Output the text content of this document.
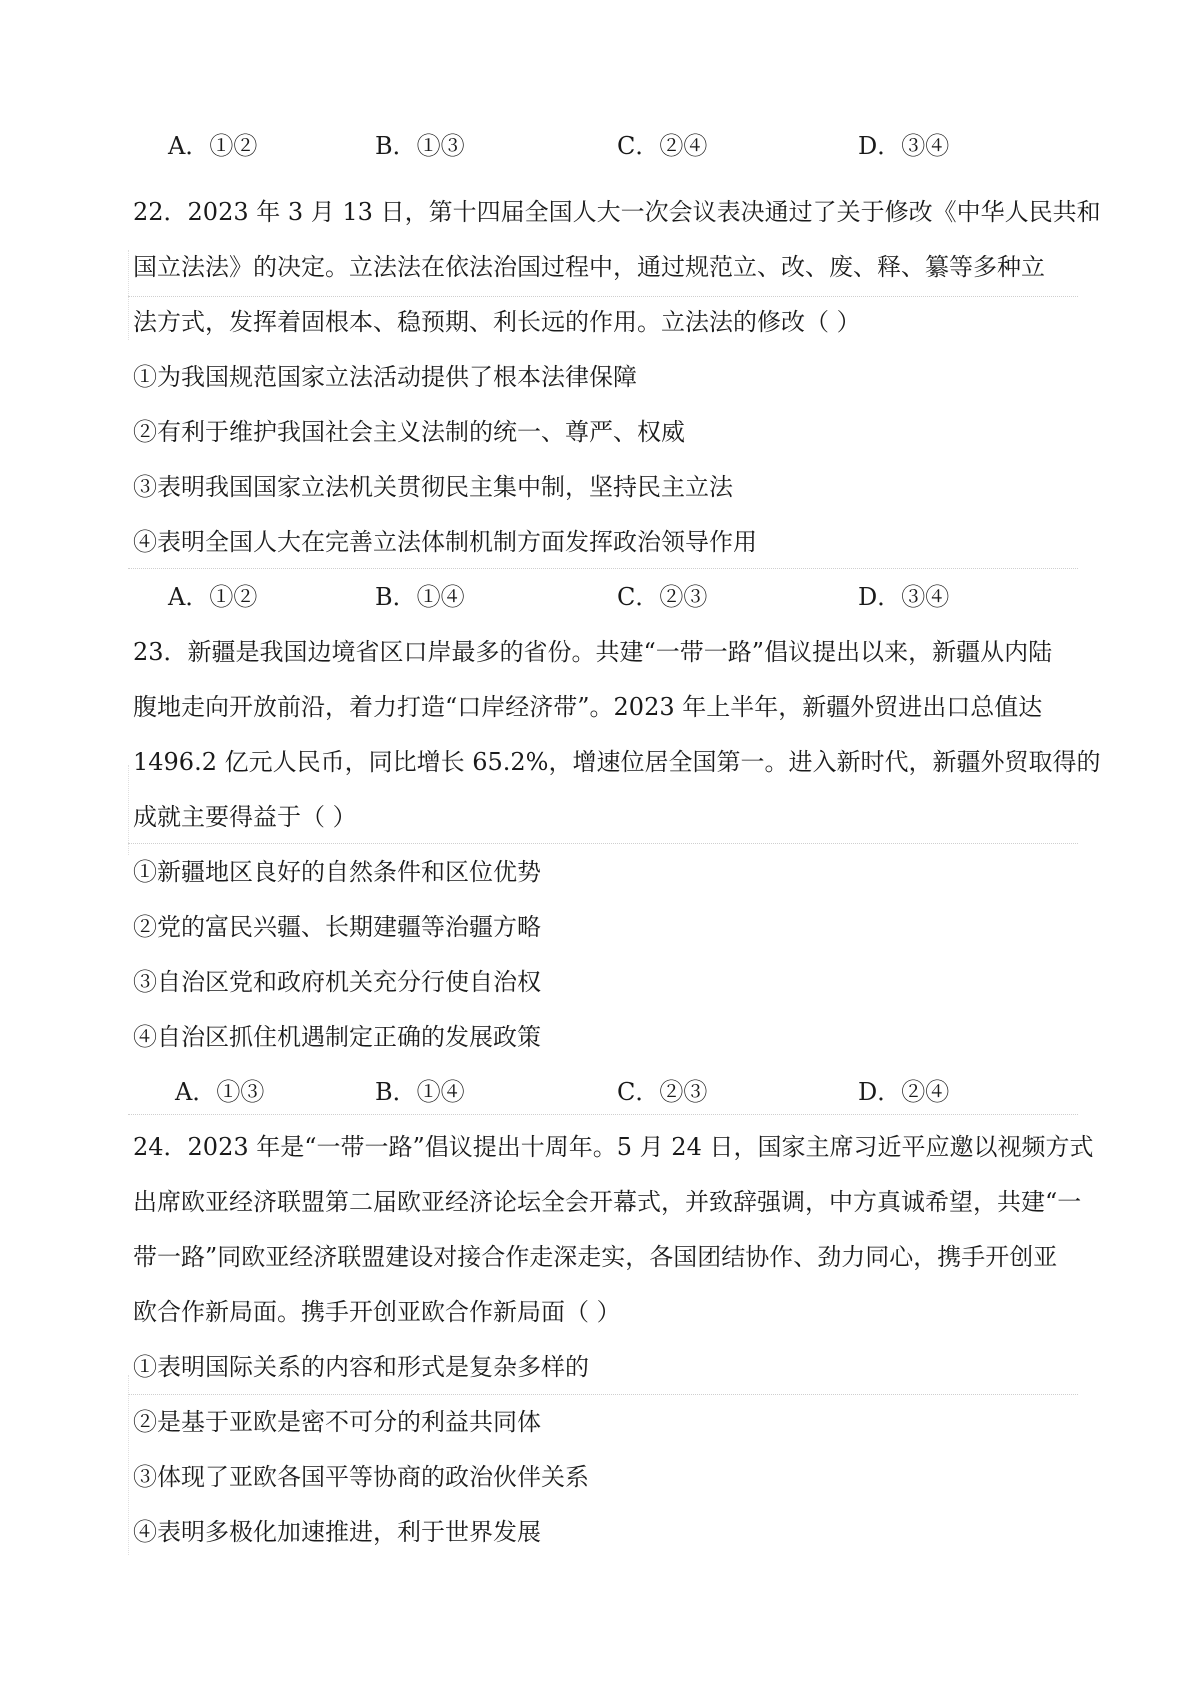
A．①②	B．①③	C．②④	D．③④
22．2023 年 3 月 13 日，第十四届全国人大一次会议表决通过了关于修改《中华人民共和
国立法法》的决定。立法法在依法治国过程中，通过规范立、改、废、释、纂等多种立
法方式，发挥着固根本、稳预期、利长远的作用。立法法的修改（ ）
①为我国规范国家立法活动提供了根本法律保障
②有利于维护我国社会主义法制的统一、尊严、权威
③表明我国国家立法机关贯彻民主集中制，坚持民主立法
④表明全国人大在完善立法体制机制方面发挥政治领导作用
A．①②	B．①④	C．②③	D．③④
23．新疆是我国边境省区口岸最多的省份。共建“一带一路”倡议提出以来，新疆从内陆
腹地走向开放前沿，着力打造“口岸经济带”。2023 年上半年，新疆外贸进出口总值达
1496.2 亿元人民币，同比增长 65.2%，增速位居全国第一。进入新时代，新疆外贸取得的
成就主要得益于（ ）
①新疆地区良好的自然条件和区位优势
②党的富民兴疆、长期建疆等治疆方略
③自治区党和政府机关充分行使自治权
④自治区抓住机遇制定正确的发展政策
A．①③	B．①④	C．②③	D．②④
24．2023 年是“一带一路”倡议提出十周年。5 月 24 日，国家主席习近平应邀以视频方式
出席欧亚经济联盟第二届欧亚经济论坛全会开幕式，并致辞强调，中方真诚希望，共建“一
带一路”同欧亚经济联盟建设对接合作走深走实，各国团结协作、劲力同心，携手开创亚
欧合作新局面。携手开创亚欧合作新局面（ ）
①表明国际关系的内容和形式是复杂多样的
②是基于亚欧是密不可分的利益共同体
③体现了亚欧各国平等协商的政治伙伴关系
④表明多极化加速推进，利于世界发展
